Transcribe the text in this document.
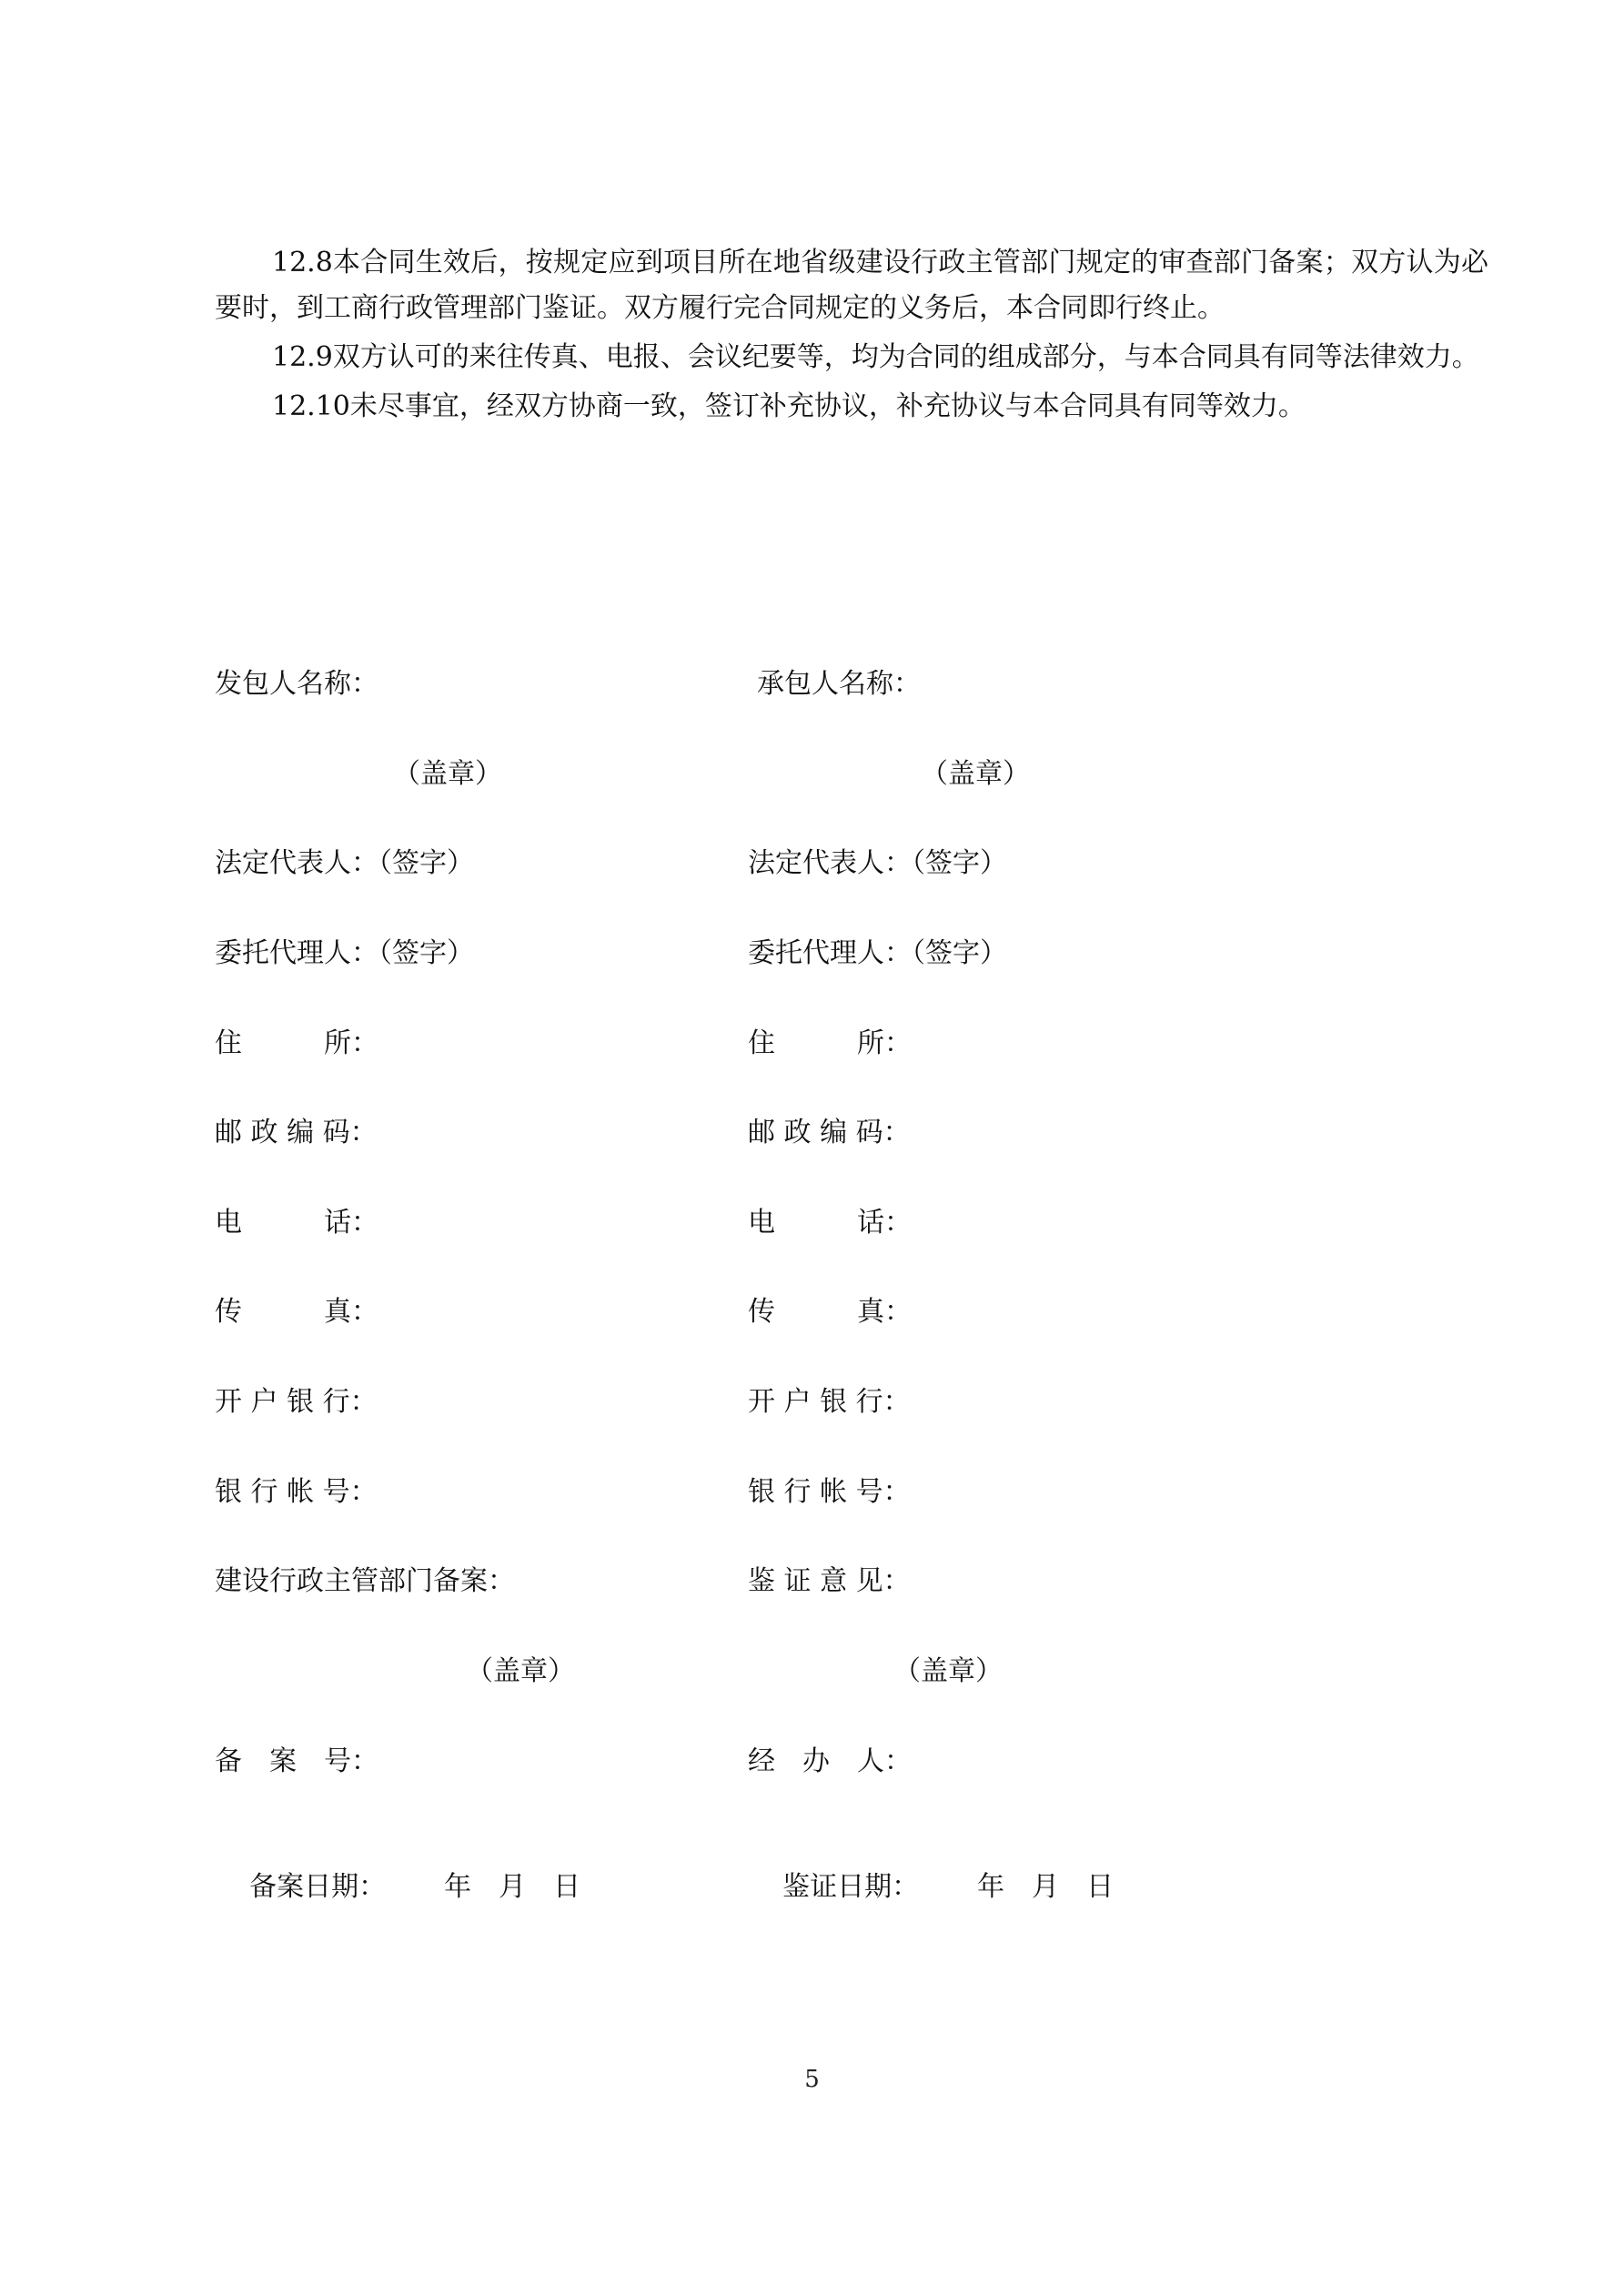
12.8本合同生效后，按规定应到项目所在地省级建设行政主管部门规定的审查部门备案；双方认为必要时，到工商行政管理部门鉴证。双方履行完合同规定的义务后，本合同即行终止。

12.9双方认可的来往传真、电报、会议纪要等，均为合同的组成部分，与本合同具有同等法律效力。

12.10未尽事宜，经双方协商一致，签订补充协议，补充协议与本合同具有同等效力。

发包人名称：
（盖章）
法定代表人：（签字）
委托代理人：（签字）
住　　　所：
邮 政 编 码：
电　　　话：
传　　　真：
开 户 银 行：
银 行 帐 号：
建设行政主管部门备案：
（盖章）
备　案　号：

备案日期： 年　月　日

承包人名称：
（盖章）
法定代表人：（签字）
委托代理人：（签字）
住　　　所：
邮 政 编 码：
电　　　话：
传　　　真：
开 户 银 行：
银 行 帐 号：
鉴 证 意 见：
（盖章）
经　办　人：

鉴证日期： 年　月　日

5
